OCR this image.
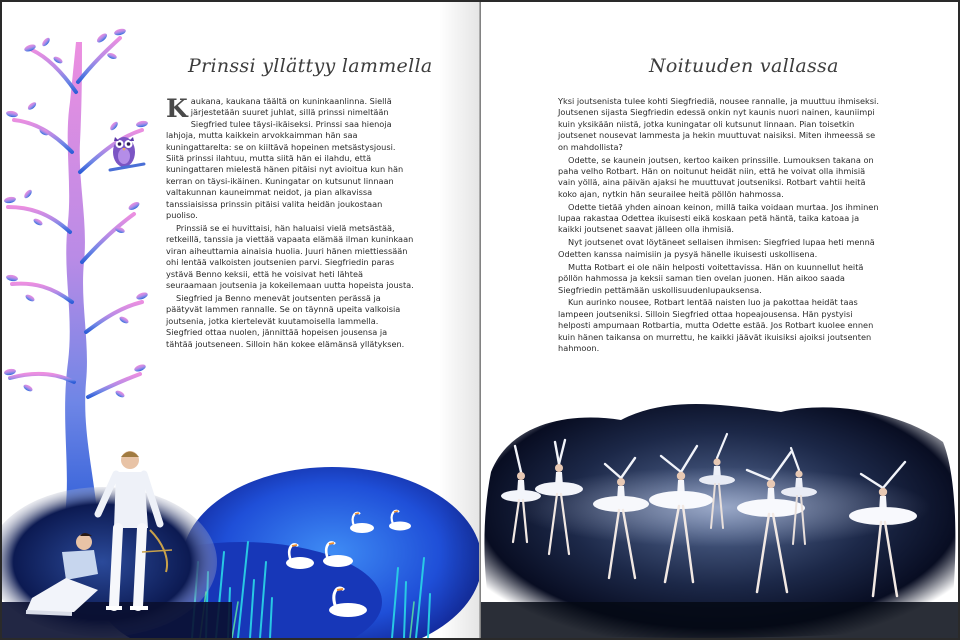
Prinssi yllättyy lammella

Kaukana, kaukana täältä on kuninkaanlinna. Siellä järjestetään suuret juhlat, sillä prinssi nimeltään Siegfried tulee täysi-ikäiseksi. Prinssi saa hienoja lahjoja, mutta kaikkein arvokkaimman hän saa kuningattarelta: se on kiiltävä hopeinen metsästysjousi. Siitä prinssi ilahtuu, mutta siitä hän ei ilahdu, että kuningattaren mielestä hänen pitäisi nyt avioitua kun hän kerran on täysi-ikäinen. Kuningatar on kutsunut linnaan valtakunnan kauneimmat neidot, ja pian alkavissa tanssiaisissa prinssin pitäisi valita heidän joukostaan puoliso.

Prinssiä se ei huvittaisi, hän haluaisi vielä metsästää, retkeillä, tanssia ja viettää vapaata elämää ilman kuninkaan viran aiheuttamia ainaisia huolia. Juuri hänen miettiessään ohi lentää valkoisten joutsenien parvi. Siegfriedin paras ystävä Benno keksii, että he voisivat heti lähteä seuraamaan joutsenia ja kokeilemaan uutta hopeista jousta.

Siegfried ja Benno menevät joutsenten perässä ja päätyvät lammen rannalle. Se on täynnä upeita valkoisia joutsenia, jotka kiertelevät kuutamoisella lammella. Siegfried ottaa nuolen, jännittää hopeisen jousensa ja tähtää joutseneen. Silloin hän kokee elämänsä yllätyksen.

Noituuden vallassa

Yksi joutsenista tulee kohti Siegfriediä, nousee rannalle, ja muuttuu ihmiseksi. Joutsenen sijasta Siegfriedin edessä onkin nyt kaunis nuori nainen, kauniimpi kuin yksikään niistä, jotka kuningatar oli kutsunut linnaan. Pian toisetkin joutsenet nousevat lammesta ja hekin muuttuvat naisiksi. Miten ihmeessä se on mahdollista?

Odette, se kaunein joutsen, kertoo kaiken prinssille. Lumouksen takana on paha velho Rotbart. Hän on noitunut heidät niin, että he voivat olla ihmisiä vain yöllä, aina päivän ajaksi he muuttuvat joutseniksi. Rotbart vahtii heitä koko ajan, nytkin hän seurailee heitä pöllön hahmossa.

Odette tietää yhden ainoan keinon, millä taika voidaan murtaa. Jos ihminen lupaa rakastaa Odettea ikuisesti eikä koskaan petä häntä, taika katoaa ja kaikki joutsenet saavat jälleen olla ihmisiä.

Nyt joutsenet ovat löytäneet sellaisen ihmisen: Siegfried lupaa heti mennä Odetten kanssa naimisiin ja pysyä hänelle ikuisesti uskollisena.

Mutta Rotbart ei ole näin helposti voitettavissa. Hän on kuunnellut heitä pöllön hahmossa ja keksii saman tien ovelan juonen. Hän aikoo saada Siegfriedin pettämään uskollisuudenlupauksensa.

Kun aurinko nousee, Rotbart lentää naisten luo ja pakottaa heidät taas lampeen joutseniksi. Silloin Siegfried ottaa hopeajousensa. Hän pystyisi helposti ampumaan Rotbartia, mutta Odette estää. Jos Rotbart kuolee ennen kuin hänen taikansa on murrettu, he kaikki jäävät ikuisiksi ajoiksi joutsenten hahmoon.
